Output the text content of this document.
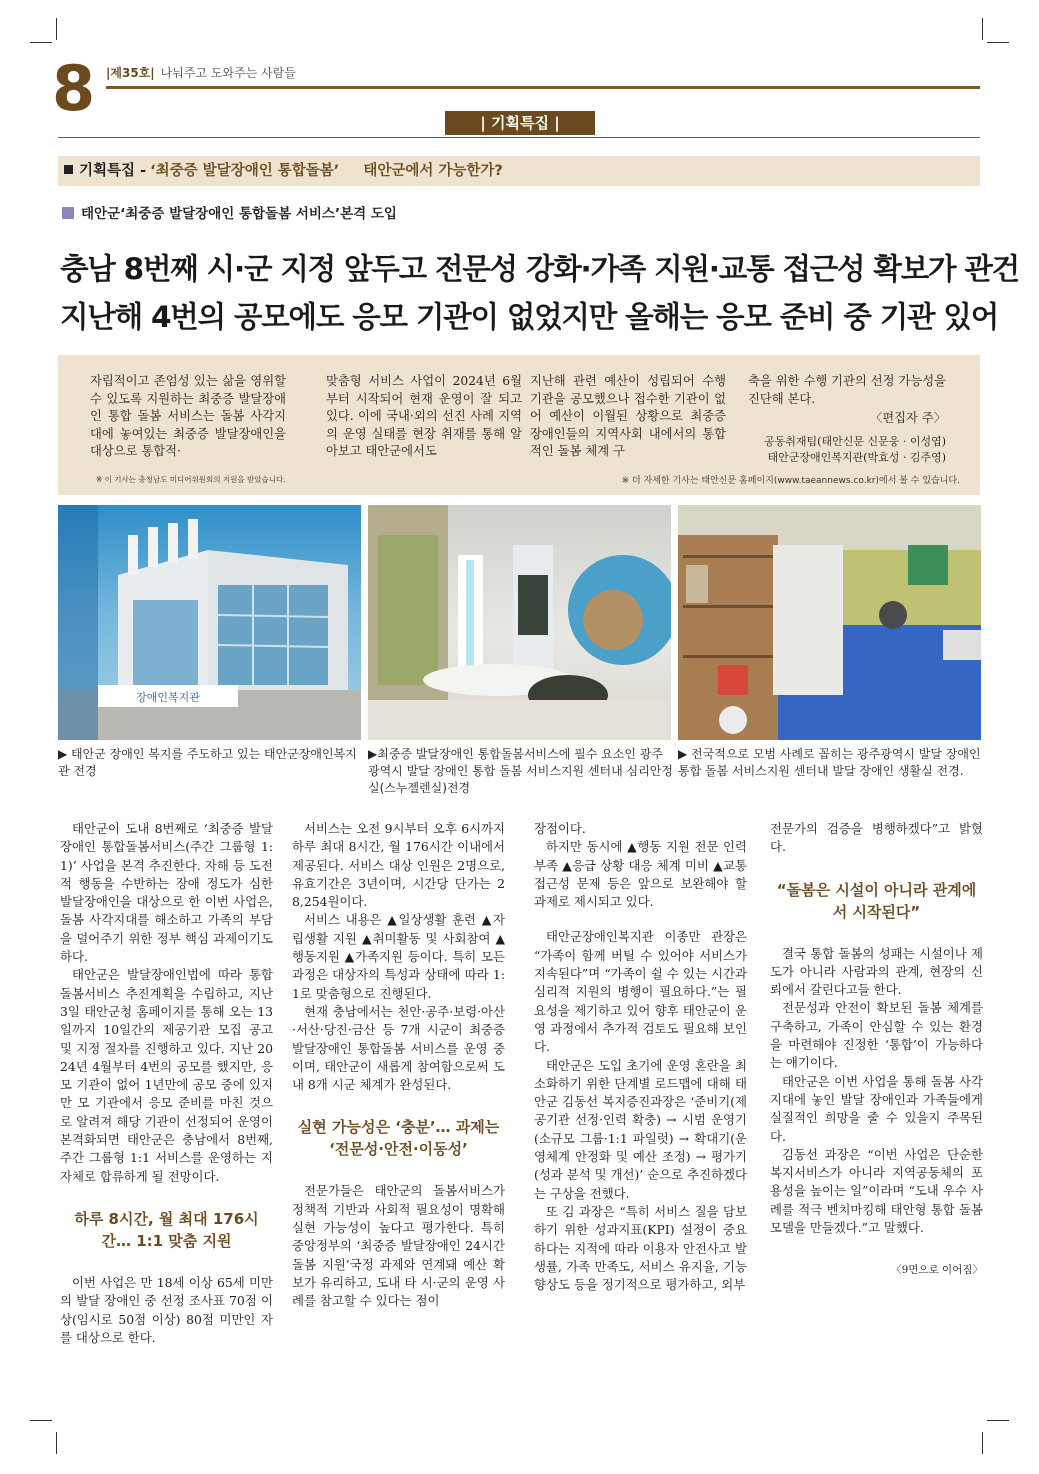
8 |제35호| 나눠주고 도와주는 사람들
| 기획특집 |
기획특집 - ‘최중증 발달장애인 통합돌봄’ 태안군에서 가능한가?
태안군‘최중증 발달장애인 통합돌봄 서비스’본격 도입
충남 8번째 시·군 지정 앞두고 전문성 강화·가족 지원·교통 접근성 확보가 관건
지난해 4번의 공모에도 응모 기관이 없었지만 올해는 응모 준비 중 기관 있어
자립적이고 존엄성 있는 삶을 영위할 수 있도록 지원하는 최중증 발달장애인 통합 돌봄 서비스는 돌봄 사각지대에 놓여있는 최중증 발달장애인을 대상으로 통합적·
맞춤형 서비스 사업이 2024년 6월부터 시작되어 현재 운영이 잘 되고 있다. 이에 국내·외의 선진 사례 지역의 운영 실태를 현장 취재를 통해 알아보고 태안군에서도
지난해 관련 예산이 성립되어 수행 기관을 공모했으나 접수한 기관이 없어 예산이 이월된 상황으로 최중증 장애인들의 지역사회 내에서의 통합적인 돌봄 체계 구
축을 위한 수행 기관의 선정 가능성을 진단해 본다.
〈편집자 주〉
공동취재팀(태안신문 신문웅 · 이성엽)
태안군장애인복지관(박효성 · 김주영)
※ 이 기사는 충청남도 미디어위원회의 지원을 받았습니다.	※ 더 자세한 기사는 태안신문 홈페이지(www.taeannews.co.kr)에서 볼 수 있습니다.
장애인복지관
▶ 태안군 장애인 복지를 주도하고 있는 태안군장애인복지관 전경
▶최중증 발달장애인 통합돌봄서비스에 필수 요소인 광주광역시 발달 장애인 통합 돌봄 서비스지원 센터내 심리안정실(스누젤렌실)전경
▶ 전국적으로 모범 사례로 꼽히는 광주광역시 발달 장애인 통합 돌봄 서비스지원 센터내 발달 장애인 생활실 전경.

태안군이 도내 8번째로 ‘최중증 발달장애인 통합돌봄서비스(주간 그룹형 1:1)’ 사업을 본격 추진한다. 자해 등 도전적 행동을 수반하는 장애 정도가 심한 발달장애인을 대상으로 한 이번 사업은, 돌봄 사각지대를 해소하고 가족의 부담을 덜어주기 위한 정부 핵심 과제이기도 하다.

태안군은 발달장애인법에 따라 통합돌봄서비스 추진계획을 수립하고, 지난 3일 태안군청 홈페이지를 통해 오는 13일까지 10일간의 제공기관 모집 공고 및 지정 절차를 진행하고 있다. 지난 2024년 4월부터 4번의 공모를 했지만, 응모 기관이 없어 1년만에 공모 중에 있지만 모 기관에서 응모 준비를 마친 것으로 알려져 해당 기관이 선정되어 운영이 본격화되면 태안군은 충남에서 8번째, 주간 그룹형 1:1 서비스를 운영하는 지자체로 합류하게 될 전망이다.

하루 8시간, 월 최대 176시간… 1:1 맞춤 지원

이번 사업은 만 18세 이상 65세 미만의 발달 장애인 중 선정 조사표 70점 이상(임시로 50점 이상) 80점 미만인 자를 대상으로 한다.

서비스는 오전 9시부터 오후 6시까지 하루 최대 8시간, 월 176시간 이내에서 제공된다. 서비스 대상 인원은 2명으로, 유효기간은 3년이며, 시간당 단가는 28,254원이다.

서비스 내용은 ▲일상생활 훈련 ▲자립생활 지원 ▲취미활동 및 사회참여 ▲행동지원 ▲가족지원 등이다. 특히 모든 과정은 대상자의 특성과 상태에 따라 1:1로 맞춤형으로 진행된다.

현재 충남에서는 천안·공주·보령·아산·서산·당진·금산 등 7개 시군이 최중증 발달장애인 통합돌봄 서비스를 운영 중이며, 태안군이 새롭게 참여함으로써 도내 8개 시군 체계가 완성된다.

실현 가능성은 ‘충분’… 과제는 ‘전문성·안전·이동성’

전문가들은 태안군의 돌봄서비스가 정책적 기반과 사회적 필요성이 명확해 실현 가능성이 높다고 평가한다. 특히 중앙정부의 ‘최중증 발달장애인 24시간 돌봄 지원’국정 과제와 연계돼 예산 확보가 유리하고, 도내 타 시·군의 운영 사례를 참고할 수 있다는 점이

장점이다.

하지만 동시에 ▲행동 지원 전문 인력 부족 ▲응급 상황 대응 체계 미비 ▲교통 접근성 문제 등은 앞으로 보완해야 할 과제로 제시되고 있다.

태안군장애인복지관 이종만 관장은 “가족이 함께 버틸 수 있어야 서비스가 지속된다”며 “가족이 쉴 수 있는 시간과 심리적 지원의 병행이 필요하다.”는 필요성을 제기하고 있어 향후 태안군이 운영 과정에서 추가적 검토도 필요해 보인다.

태안군은 도입 초기에 운영 혼란을 최소화하기 위한 단계별 로드맵에 대해 태안군 김동선 복지증진과장은 ‘준비기(제공기관 선정·인력 확충) → 시범 운영기(소규모 그룹·1:1 파일럿) → 확대기(운영체계 안정화 및 예산 조정) → 평가기(성과 분석 및 개선)’ 순으로 추진하겠다는 구상을 전했다.

또 김 과장은 “특히 서비스 질을 담보하기 위한 성과지표(KPI) 설정이 중요하다는 지적에 따라 이용자 안전사고 발생률, 가족 만족도, 서비스 유지율, 기능 향상도 등을 정기적으로 평가하고, 외부

전문가의 검증을 병행하겠다”고 밝혔다.

“돌봄은 시설이 아니라 관계에서 시작된다”

결국 통합 돌봄의 성패는 시설이나 제도가 아니라 사람과의 관계, 현장의 신뢰에서 갈린다고들 한다.

전문성과 안전이 확보된 돌봄 체계를 구축하고, 가족이 안심할 수 있는 환경을 마련해야 진정한 ‘통합’이 가능하다는 얘기이다.

태안군은 이번 사업을 통해 돌봄 사각지대에 놓인 발달 장애인과 가족들에게 실질적인 희망을 줄 수 있을지 주목된다.

김동선 과장은 “이번 사업은 단순한 복지서비스가 아니라 지역공동체의 포용성을 높이는 일”이라며 “도내 우수 사례를 적극 벤치마킹해 태안형 통합 돌봄 모델을 만들겠다.”고 말했다.

〈9면으로 이어짐〉
